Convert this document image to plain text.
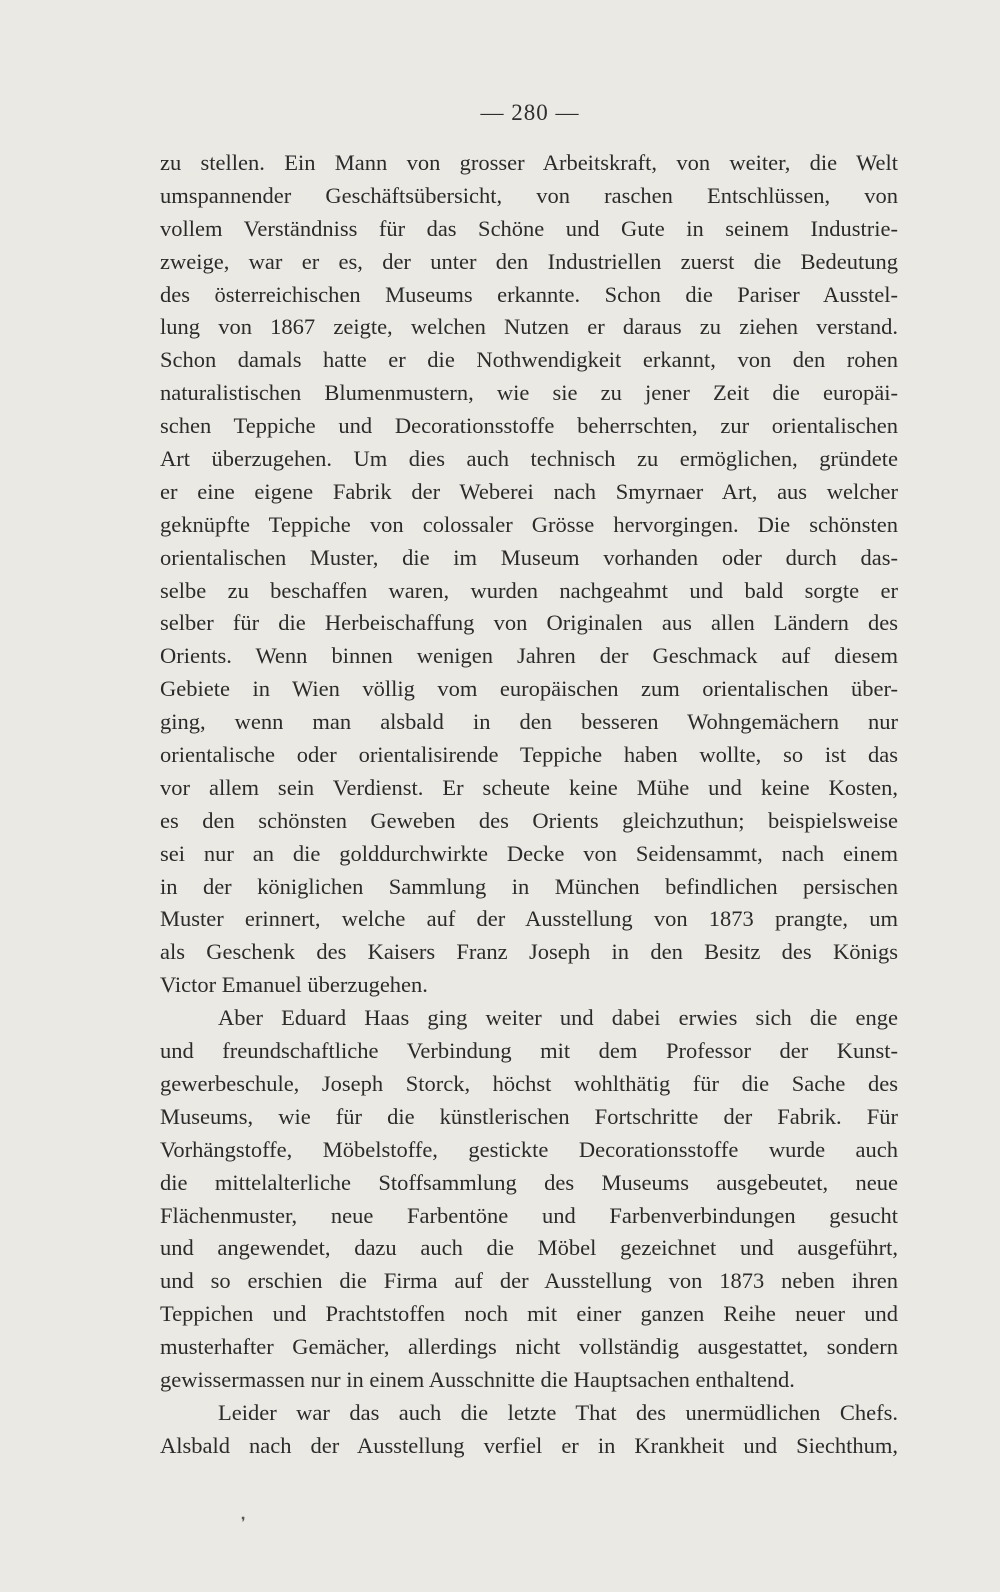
— 280 —
zu stellen. Ein Mann von grosser Arbeitskraft, von weiter, die Welt
umspannender Geschäftsübersicht, von raschen Entschlüssen, von
vollem Verständniss für das Schöne und Gute in seinem Industrie-
zweige, war er es, der unter den Industriellen zuerst die Bedeutung
des österreichischen Museums erkannte. Schon die Pariser Ausstel-
lung von 1867 zeigte, welchen Nutzen er daraus zu ziehen verstand.
Schon damals hatte er die Nothwendigkeit erkannt, von den rohen
naturalistischen Blumenmustern, wie sie zu jener Zeit die europäi-
schen Teppiche und Decorationsstoffe beherrschten, zur orientalischen
Art überzugehen. Um dies auch technisch zu ermöglichen, gründete
er eine eigene Fabrik der Weberei nach Smyrnaer Art, aus welcher
geknüpfte Teppiche von colossaler Grösse hervorgingen. Die schönsten
orientalischen Muster, die im Museum vorhanden oder durch das-
selbe zu beschaffen waren, wurden nachgeahmt und bald sorgte er
selber für die Herbeischaffung von Originalen aus allen Ländern des
Orients. Wenn binnen wenigen Jahren der Geschmack auf diesem
Gebiete in Wien völlig vom europäischen zum orientalischen über-
ging, wenn man alsbald in den besseren Wohngemächern nur
orientalische oder orientalisirende Teppiche haben wollte, so ist das
vor allem sein Verdienst. Er scheute keine Mühe und keine Kosten,
es den schönsten Geweben des Orients gleichzuthun; beispielsweise
sei nur an die golddurchwirkte Decke von Seidensammt, nach einem
in der königlichen Sammlung in München befindlichen persischen
Muster erinnert, welche auf der Ausstellung von 1873 prangte, um
als Geschenk des Kaisers Franz Joseph in den Besitz des Königs
Victor Emanuel überzugehen.
Aber Eduard Haas ging weiter und dabei erwies sich die enge
und freundschaftliche Verbindung mit dem Professor der Kunst-
gewerbeschule, Joseph Storck, höchst wohlthätig für die Sache des
Museums, wie für die künstlerischen Fortschritte der Fabrik. Für
Vorhängstoffe, Möbelstoffe, gestickte Decorationsstoffe wurde auch
die mittelalterliche Stoffsammlung des Museums ausgebeutet, neue
Flächenmuster, neue Farbentöne und Farbenverbindungen gesucht
und angewendet, dazu auch die Möbel gezeichnet und ausgeführt,
und so erschien die Firma auf der Ausstellung von 1873 neben ihren
Teppichen und Prachtstoffen noch mit einer ganzen Reihe neuer und
musterhafter Gemächer, allerdings nicht vollständig ausgestattet, sondern
gewissermassen nur in einem Ausschnitte die Hauptsachen enthaltend.
Leider war das auch die letzte That des unermüdlichen Chefs.
Alsbald nach der Ausstellung verfiel er in Krankheit und Siechthum,
❜
